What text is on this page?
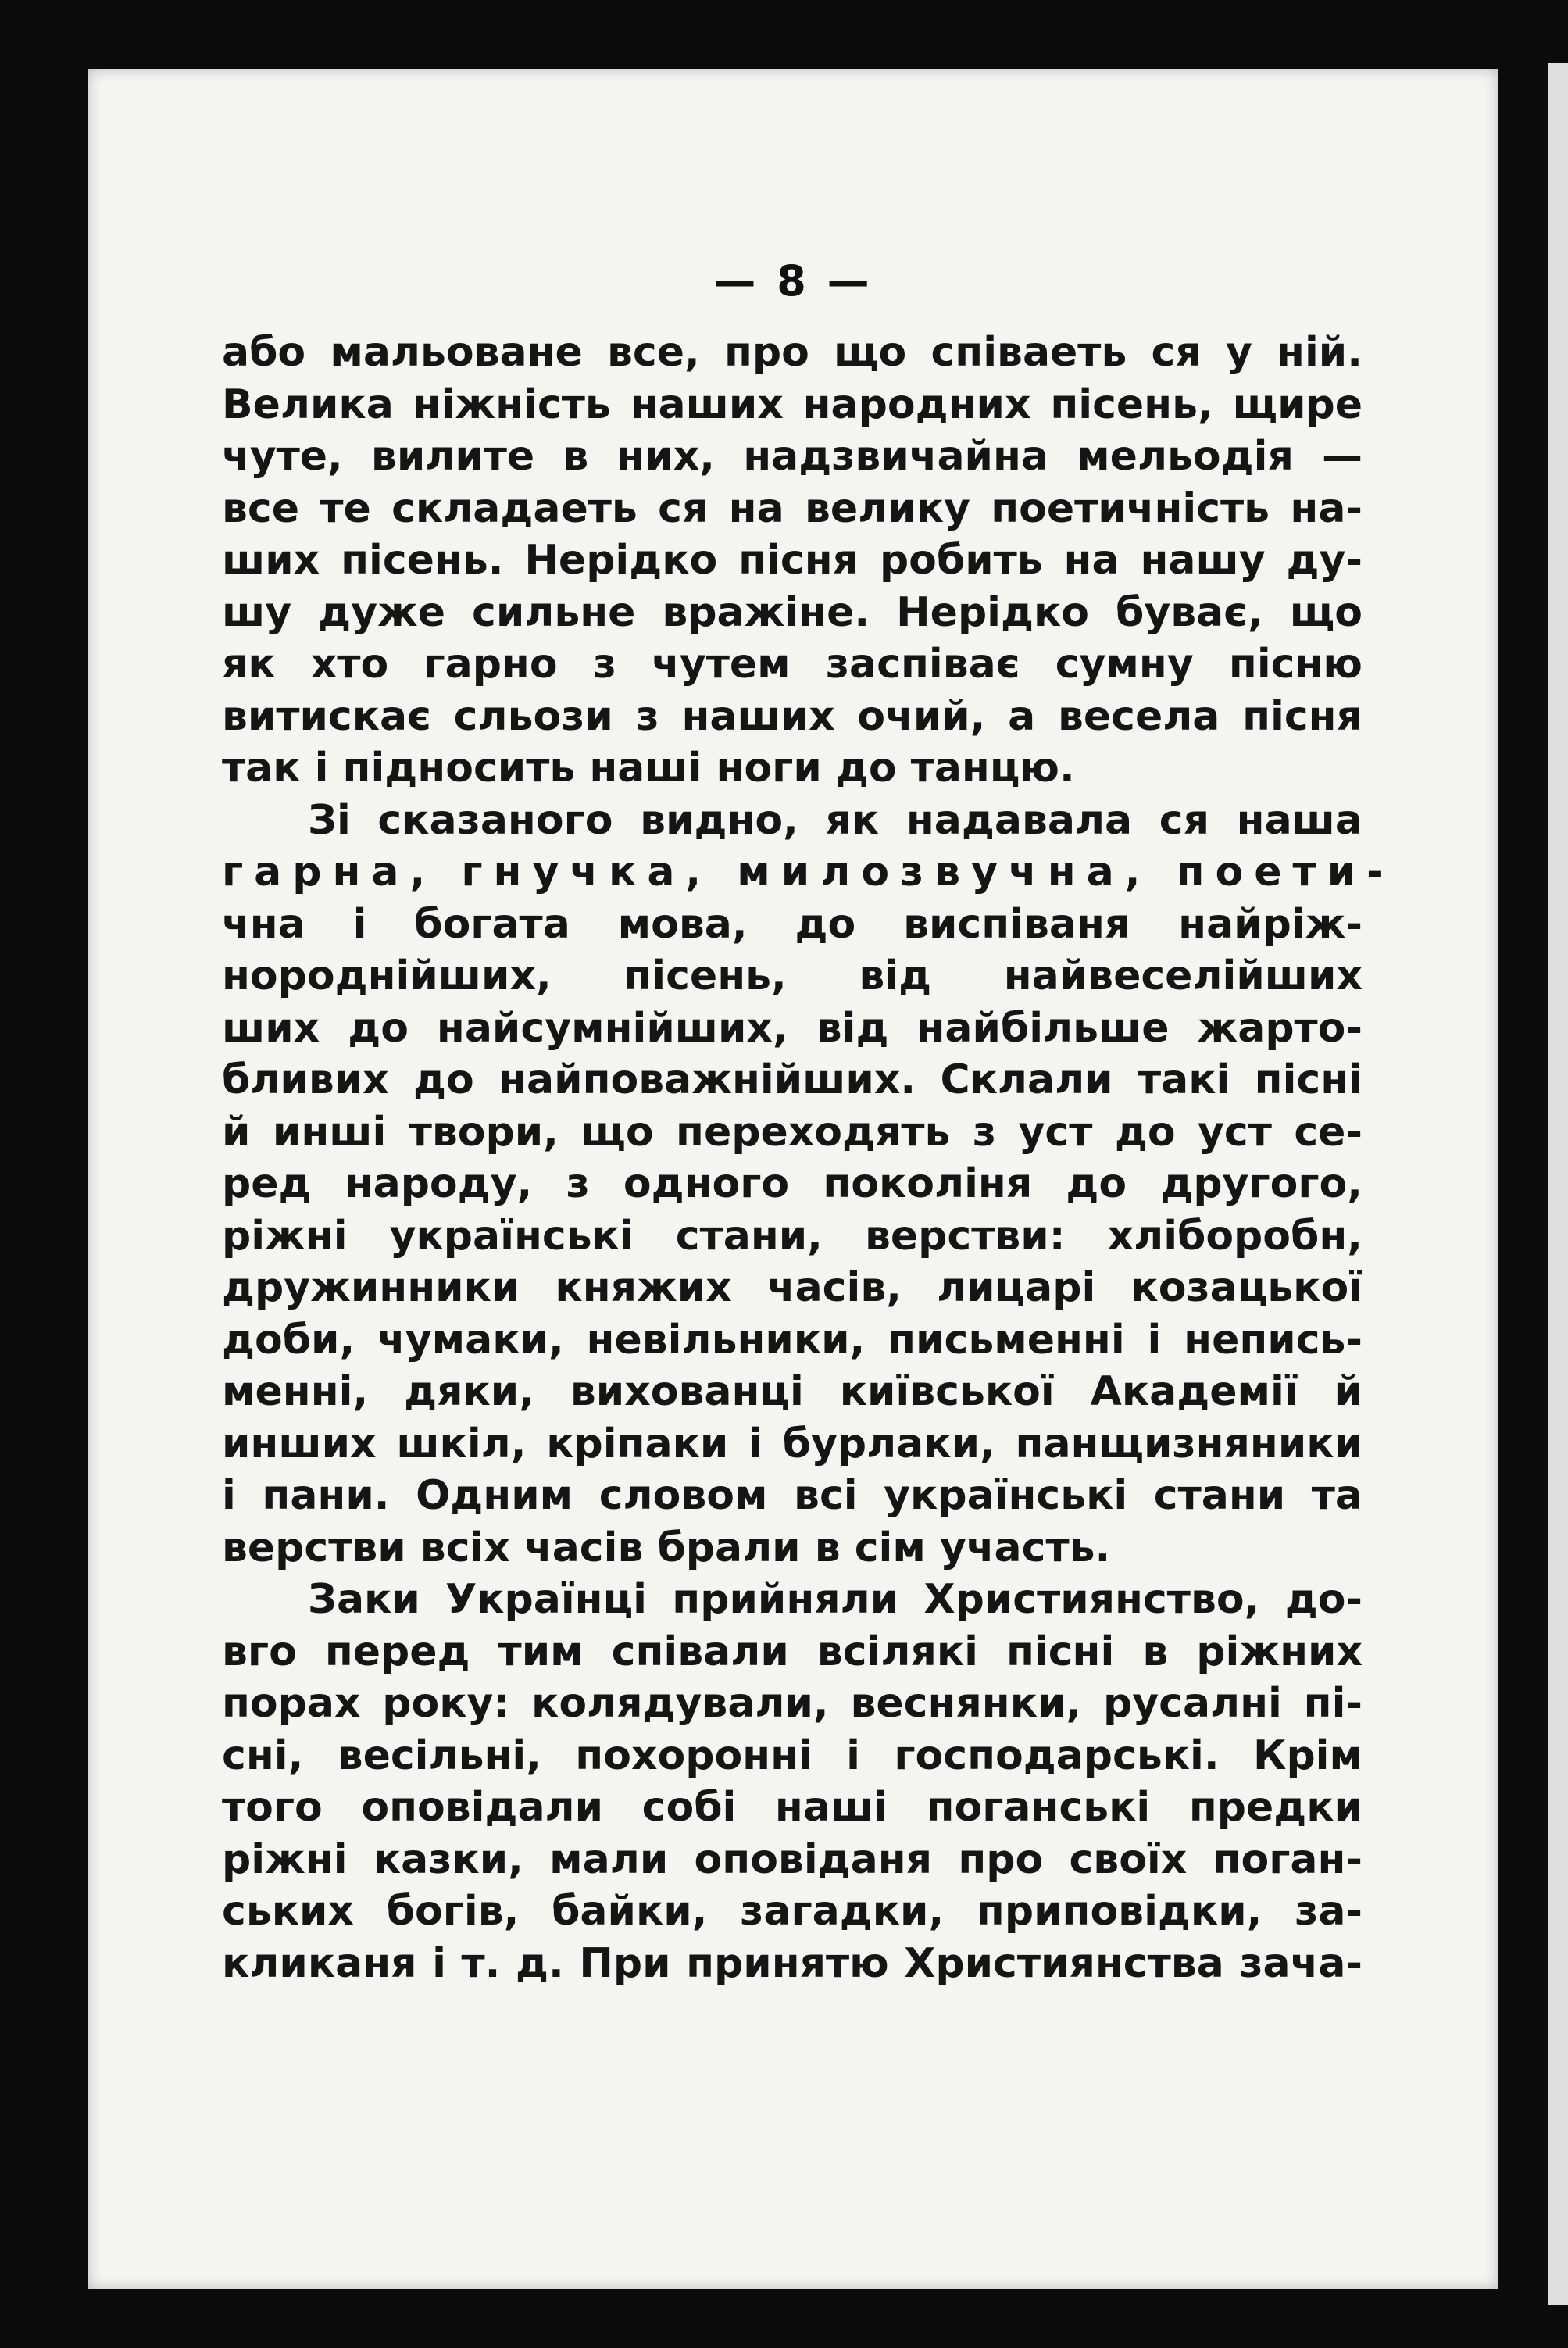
— 8 —
або мальоване все, про що співаеть ся у ній.
Велика ніжність наших народних пісень, щире
чуте, вилите в них, надзвичайна мельодія —
все те складаеть ся на велику поетичність на-
ших пісень. Нерідко пісня робить на нашу ду-
шу дуже сильне вражіне. Нерідко буває, що
як хто гарно з чутем заспіває сумну пісню
витискає сльози з наших очий, а весела пісня
так і підносить наші ноги до танцю.
Зі сказаного видно, як надавала ся наша
гарна, гнучка, милозвучна, поети-
чна і богата мова, до виспіваня найріж-
нороднійших, пісень, від найвеселійших
ших до найсумнійших, від найбільше жарто-
бливих до найповажнійших. Склали такі пісні
й инші твори, що переходять з уст до уст се-
ред народу, з одного поколіня до другого,
ріжні українські стани, верстви: хліборобн,
дружинники княжих часів, лицарі козацької
доби, чумаки, невільники, письменні і непись-
менні, дяки, вихованці київської Академії й
инших шкіл, кріпаки і бурлаки, панщизняники
і пани. Одним словом всі українські стани та
верстви всіх часів брали в сім участь.
Заки Українці прийняли Християнство, до-
вго перед тим співали всілякі пісні в ріжних
порах року: колядували, веснянки, русалні пі-
сні, весільні, похоронні і господарські. Крім
того оповідали собі наші поганські предки
ріжні казки, мали оповіданя про своїх поган-
ських богів, байки, загадки, приповідки, за-
кликаня і т. д. При принятю Християнства зача-
